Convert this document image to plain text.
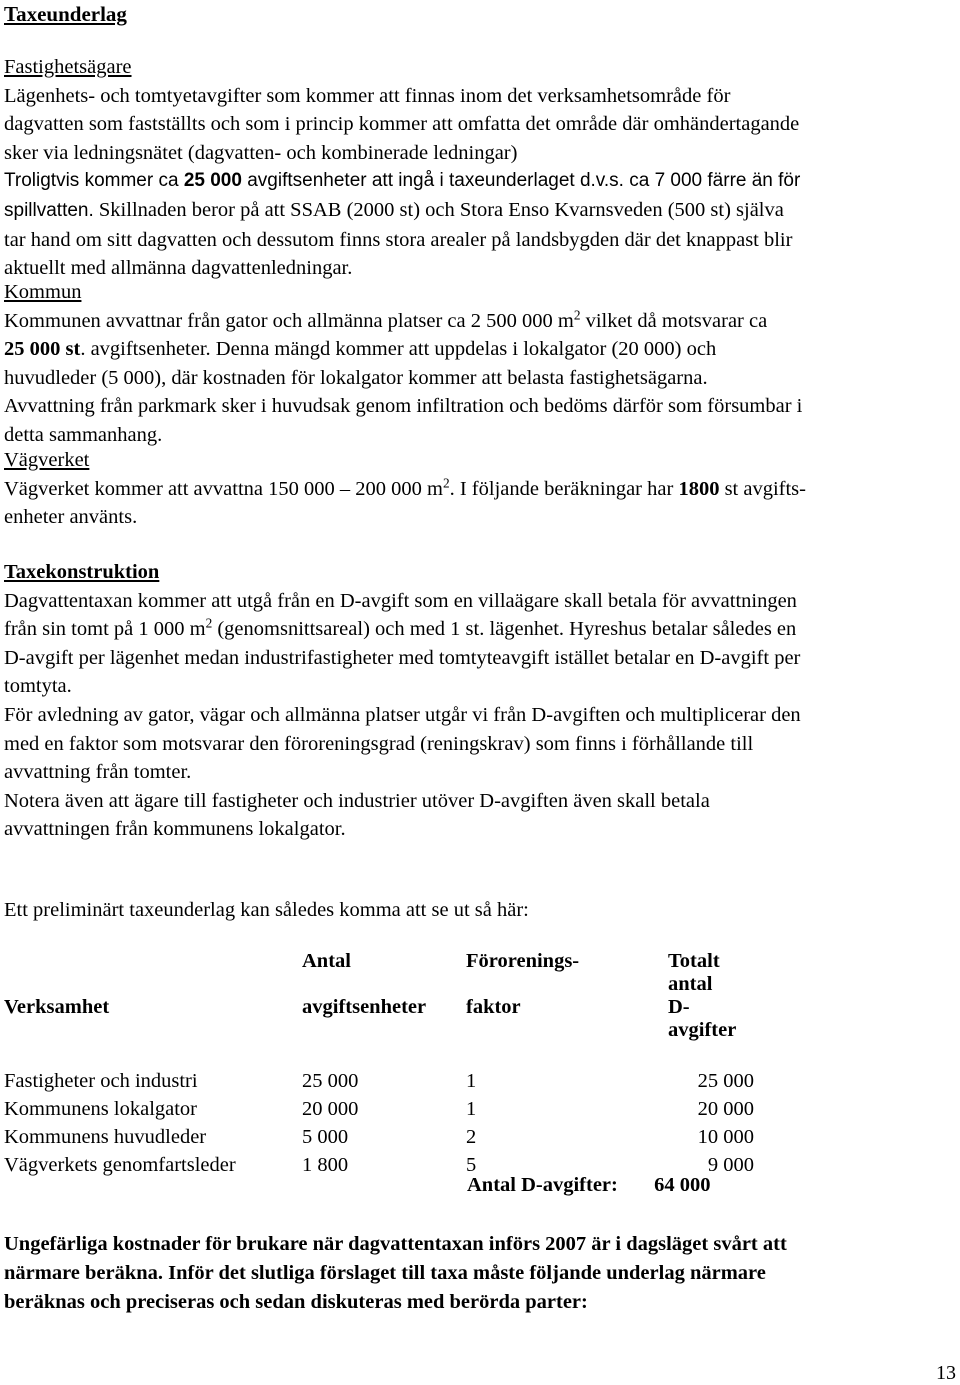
Taxeunderlag
Fastighetsägare
Lägenhets- och tomtyetavgifter som kommer att finnas inom det verksamhetsområde för
dagvatten som fastställts och som i princip kommer att omfatta det område där omhändertagande
sker via ledningsnätet (dagvatten- och kombinerade ledningar)
Troligtvis kommer ca 25 000 avgiftsenheter att ingå i taxeunderlaget d.v.s. ca 7 000 färre än för
spillvatten. Skillnaden beror på att SSAB (2000 st) och Stora Enso Kvarnsveden (500 st) själva
tar hand om sitt dagvatten och dessutom finns stora arealer på landsbygden där det knappast blir
aktuellt med allmänna dagvattenledningar.
Kommun
Kommunen avvattnar från gator och allmänna platser ca 2 500 000 $m^2$ vilket då motsvarar ca
25 000 st. avgiftsenheter. Denna mängd kommer att uppdelas i lokalgator (20 000) och
huvudleder (5 000), där kostnaden för lokalgator kommer att belasta fastighetsägarna.
Avvattning från parkmark sker i huvudsak genom infiltration och bedöms därför som försumbar i
detta sammanhang.
Vägverket
Vägverket kommer att avvattna 150 000 – 200 000 $m^2$. I följande beräkningar har 1800 st avgifts-
enheter använts.
Taxekonstruktion
Dagvattentaxan kommer att utgå från en D-avgift som en villaägare skall betala för avvattningen
från sin tomt på 1 000 $m^2$ (genomsnittsareal) och med 1 st. lägenhet. Hyreshus betalar således en
D-avgift per lägenhet medan industrifastigheter med tomtyteavgift istället betalar en D-avgift per
tomtyta.
För avledning av gator, vägar och allmänna platser utgår vi från D-avgiften och multiplicerar den
med en faktor som motsvarar den föroreningsgrad (reningskrav) som finns i förhållande till
avvattning från tomter.
Notera även att ägare till fastigheter och industrier utöver D-avgiften även skall betala
avvattningen från kommunens lokalgator.
Ett preliminärt taxeunderlag kan således komma att se ut så här:
	Antal	Förorenings-	Totalt antal
Verksamhet	avgiftsenheter	faktor	D-avgifter

Fastigheter och industri	25 000	1	25 000
Kommunens lokalgator	20 000	1	20 000
Kommunens huvudleder	5 000	2	10 000
Vägverkets genomfartsleder	1 800	5	9 000
Antal D-avgifter: 64 000
Ungefärliga kostnader för brukare när dagvattentaxan införs 2007 är i dagsläget svårt att
närmare beräkna. Inför det slutliga förslaget till taxa måste följande underlag närmare
beräknas och preciseras och sedan diskuteras med berörda parter:
13
